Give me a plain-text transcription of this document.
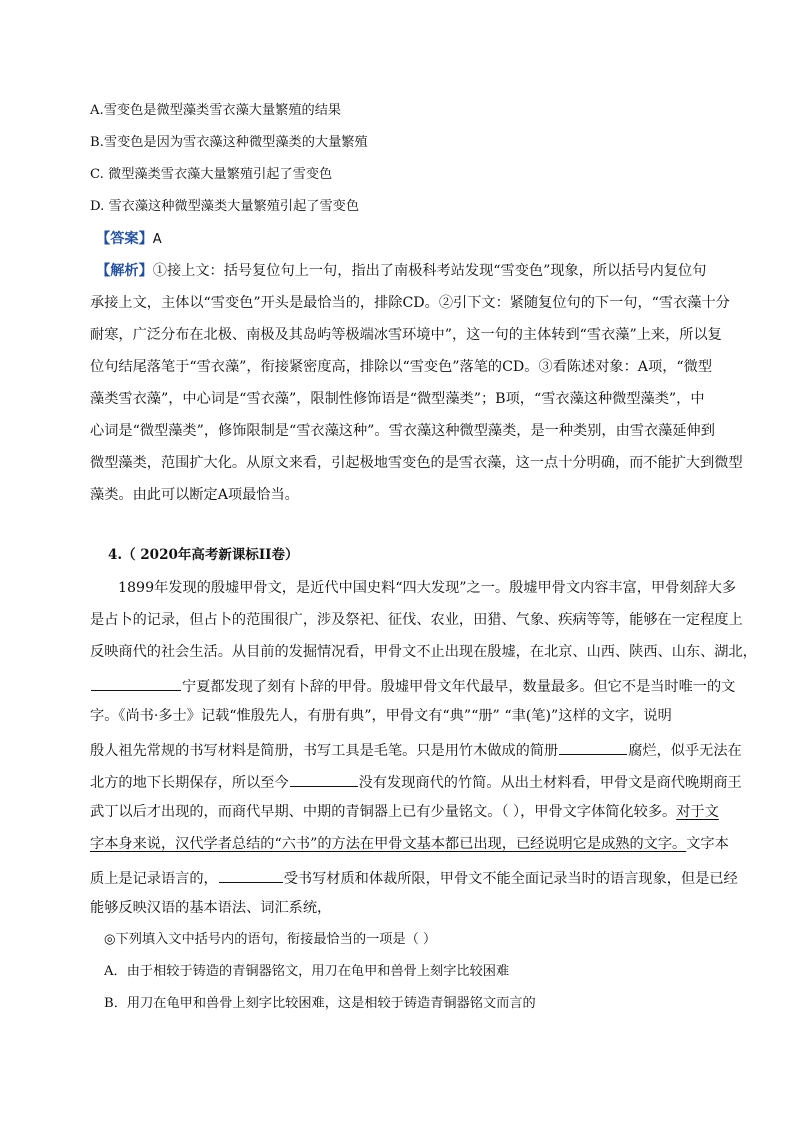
A.雪变色是微型藻类雪衣藻大量繁殖的结果
B.雪变色是因为雪衣藻这种微型藻类的大量繁殖
C. 微型藻类雪衣藻大量繁殖引起了雪变色
D. 雪衣藻这种微型藻类大量繁殖引起了雪变色
【答案】A
【解析】①接上文：括号复位句上一句，指出了南极科考站发现“雪变色”现象，所以括号内复位句
承接上文，主体以“雪变色”开头是最恰当的，排除CD。②引下文：紧随复位句的下一句，“雪衣藻十分
耐寒，广泛分布在北极、南极及其岛屿等极端冰雪环境中”，这一句的主体转到“雪衣藻”上来，所以复
位句结尾落笔于“雪衣藻”，衔接紧密度高，排除以“雪变色”落笔的CD。③看陈述对象：A项，“微型
藻类雪衣藻”，中心词是“雪衣藻”，限制性修饰语是“微型藻类”；B项，“雪衣藻这种微型藻类”，中
心词是“微型藻类”，修饰限制是“雪衣藻这种”。雪衣藻这种微型藻类，是一种类别，由雪衣藻延伸到
微型藻类，范围扩大化。从原文来看，引起极地雪变色的是雪衣藻，这一点十分明确，而不能扩大到微型
藻类。由此可以断定A项最恰当。
4.（ 2020年高考新课标II卷）
1899年发现的殷墟甲骨文，是近代中国史料“四大发现”之一。殷墟甲骨文内容丰富，甲骨刻辞大多
是占卜的记录，但占卜的范围很广，涉及祭祀、征伐、农业，田猎、气象、疾病等等，能够在一定程度上
反映商代的社会生活。从目前的发掘情况看，甲骨文不止出现在殷墟，在北京、山西、陕西、山东、湖北，
宁夏都发现了刻有卜辞的甲骨。殷墟甲骨文年代最早，数量最多。但它不是当时唯一的文
字。《尚书·多士》记载“惟殷先人，有册有典”，甲骨文有“典”“册” “聿(笔)”这样的文字，说明
殷人祖先常规的书写材料是简册，书写工具是毛笔。只是用竹木做成的简册	腐烂，似乎无法在
北方的地下长期保存，所以至今	没有发现商代的竹简。从出土材料看，甲骨文是商代晚期商王
武丁以后才出现的，而商代早期、中期的青铜器上已有少量铭文。（ ），甲骨文字体简化较多。对于文
字本身来说，汉代学者总结的“六书”的方法在甲骨文基本都已出现，已经说明它是成熟的文字。文字本
质上是记录语言的，	受书写材质和体裁所限，甲骨文不能全面记录当时的语言现象，但是已经
能够反映汉语的基本语法、词汇系统，
◎下列填入文中括号内的语句，衔接最恰当的一项是（ ）
A．由于相较于铸造的青铜器铭文，用刀在龟甲和兽骨上刻字比较困难
B．用刀在龟甲和兽骨上刻字比较困难，这是相较于铸造青铜器铭文而言的
